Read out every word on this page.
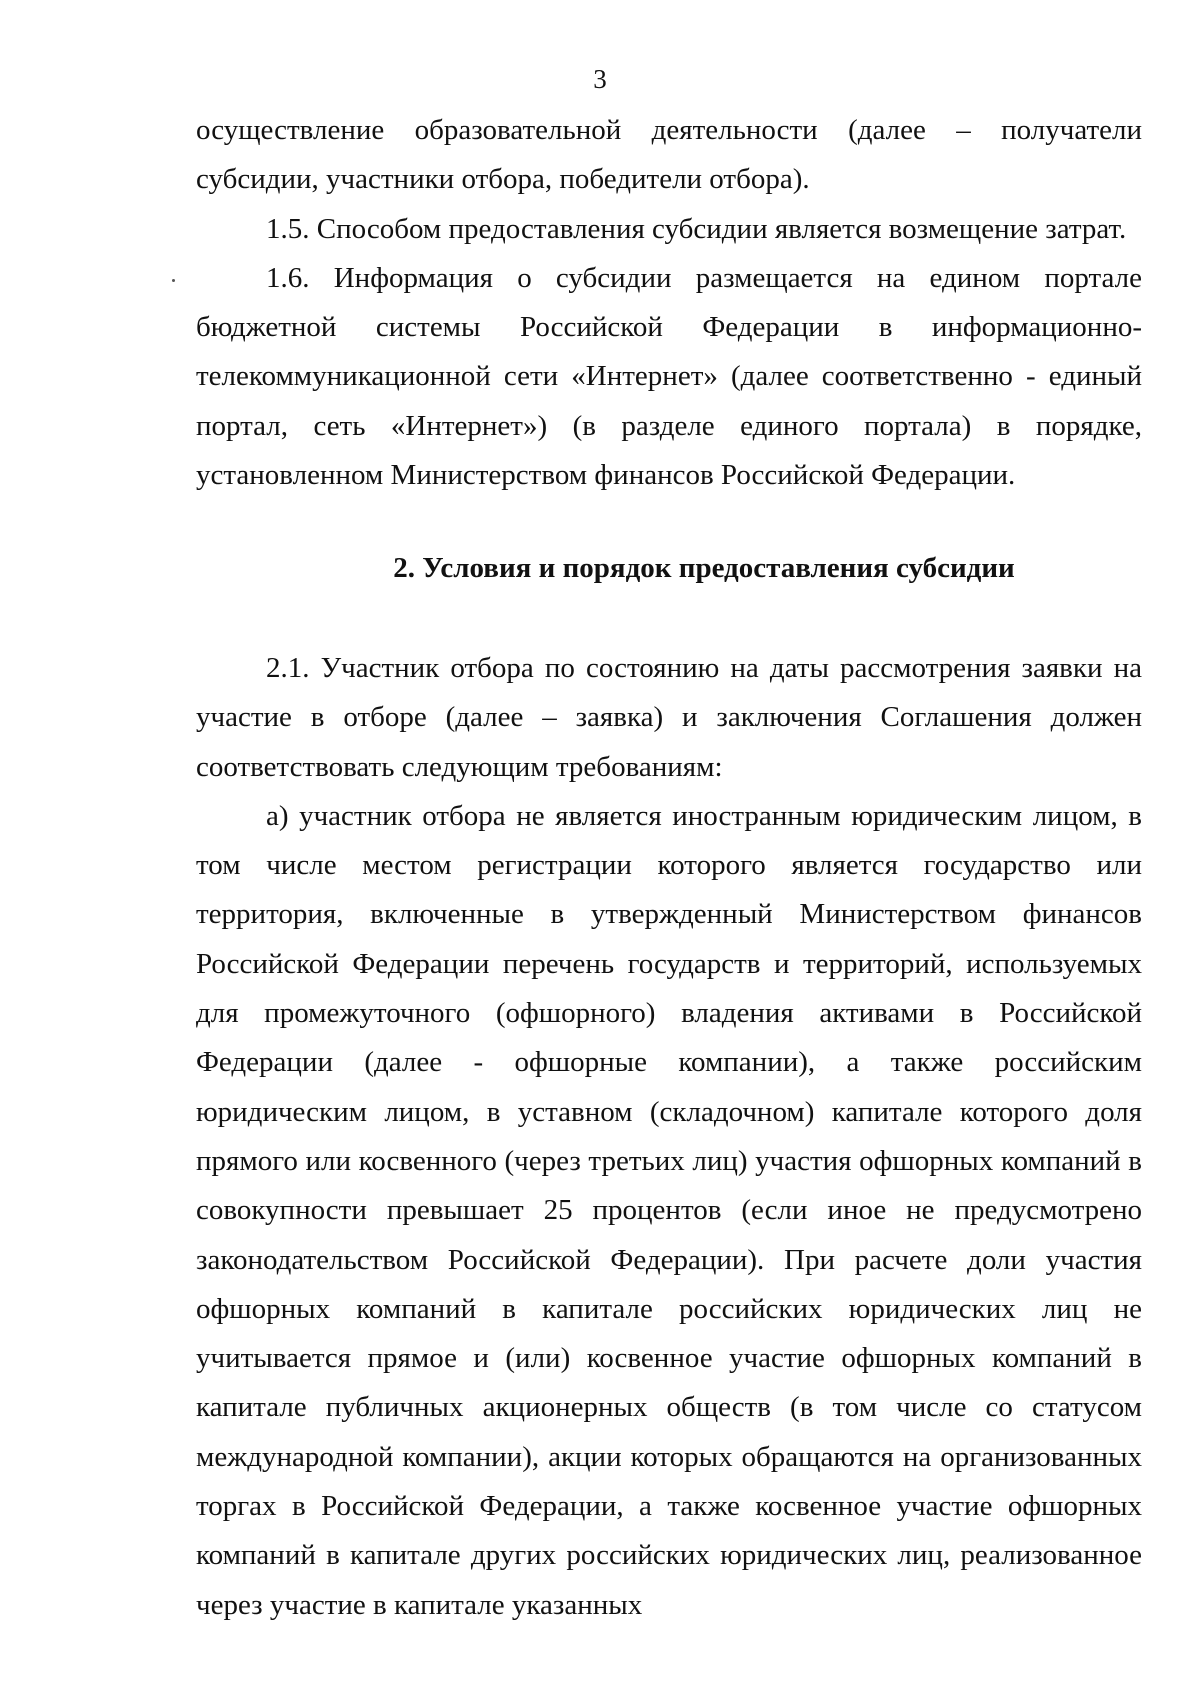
3

осуществление образовательной деятельности (далее – получатели субсидии, участники отбора, победители отбора).

1.5. Способом предоставления субсидии является возмещение затрат.

1.6. Информация о субсидии размещается на едином портале бюджетной системы Российской Федерации в информационно-телекоммуникационной сети «Интернет» (далее соответственно - единый портал, сеть «Интернет») (в разделе единого портала) в порядке, установленном Министерством финансов Российской Федерации.

2. Условия и порядок предоставления субсидии

2.1. Участник отбора по состоянию на даты рассмотрения заявки на участие в отборе (далее – заявка) и заключения Соглашения должен соответствовать следующим требованиям:

а) участник отбора не является иностранным юридическим лицом, в том числе местом регистрации которого является государство или территория, включенные в утвержденный Министерством финансов Российской Федерации перечень государств и территорий, используемых для промежуточного (офшорного) владения активами в Российской Федерации (далее - офшорные компании), а также российским юридическим лицом, в уставном (складочном) капитале которого доля прямого или косвенного (через третьих лиц) участия офшорных компаний в совокупности превышает 25 процентов (если иное не предусмотрено законодательством Российской Федерации). При расчете доли участия офшорных компаний в капитале российских юридических лиц не учитывается прямое и (или) косвенное участие офшорных компаний в капитале публичных акционерных обществ (в том числе со статусом международной компании), акции которых обращаются на организованных торгах в Российской Федерации, а также косвенное участие офшорных компаний в капитале других российских юридических лиц, реализованное через участие в капитале указанных
